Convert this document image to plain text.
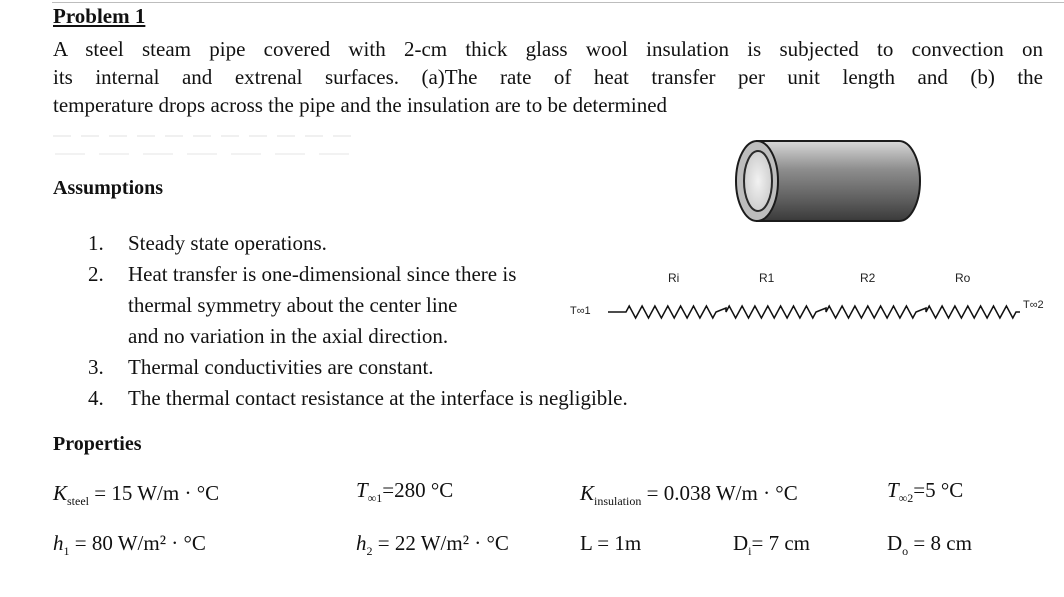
Problem 1
A steel steam pipe covered with 2-cm thick glass wool insulation is subjected to convection on
its internal and extrenal surfaces. (a)The rate of heat transfer per unit length and (b) the
temperature drops across the pipe and the insulation are to be determined
Assumptions
1.	Steady state operations.
2.	Heat transfer is one-dimensional since there is
thermal symmetry about the center line
and no variation in the axial direction.
3.	Thermal conductivities are constant.
4.	The thermal contact resistance at the interface is negligible.
T∞1	T∞2
Ri	R1	R2	Ro
Properties
$K_{steel} = 15$ W/m · °C	$T_{\infty 1}=280$ °C	$K_{insulation} = 0.038$ W/m · °C	$T_{\infty 2}=5$ °C
$h_1 = 80$ W/m² · °C	$h_2 = 22$ W/m² · °C	L = 1m	$D_i= 7$ cm	$D_o = 8$ cm
